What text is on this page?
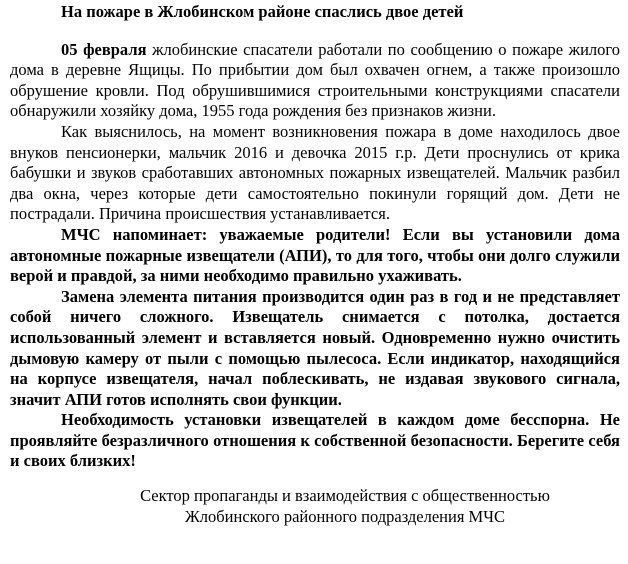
На пожаре в Жлобинском районе спаслись двое детей

05 февраля жлобинские спасатели работали по сообщению о пожаре жилого дома в деревне Ящицы. По прибытии дом был охвачен огнем, а также произошло обрушение кровли. Под обрушившимися строительными конструкциями спасатели обнаружили хозяйку дома, 1955 года рождения без признаков жизни.

Как выяснилось, на момент возникновения пожара в доме находилось двое внуков пенсионерки, мальчик 2016 и девочка 2015 г.р. Дети проснулись от крика бабушки и звуков сработавших автономных пожарных извещателей. Мальчик разбил два окна, через которые дети самостоятельно покинули горящий дом. Дети не пострадали. Причина происшествия устанавливается.

МЧС напоминает: уважаемые родители! Если вы установили дома автономные пожарные извещатели (АПИ), то для того, чтобы они долго служили верой и правдой, за ними необходимо правильно ухаживать.

Замена элемента питания производится один раз в год и не представляет собой ничего сложного. Извещатель снимается с потолка, достается использованный элемент и вставляется новый. Одновременно нужно очистить дымовую камеру от пыли с помощью пылесоса. Если индикатор, находящийся на корпусе извещателя, начал поблескивать, не издавая звукового сигнала, значит АПИ готов исполнять свои функции.

Необходимость установки извещателей в каждом доме бесспорна. Не проявляйте безразличного отношения к собственной безопасности. Берегите себя и своих близких!

Сектор пропаганды и взаимодействия с общественностью
Жлобинского районного подразделения МЧС
